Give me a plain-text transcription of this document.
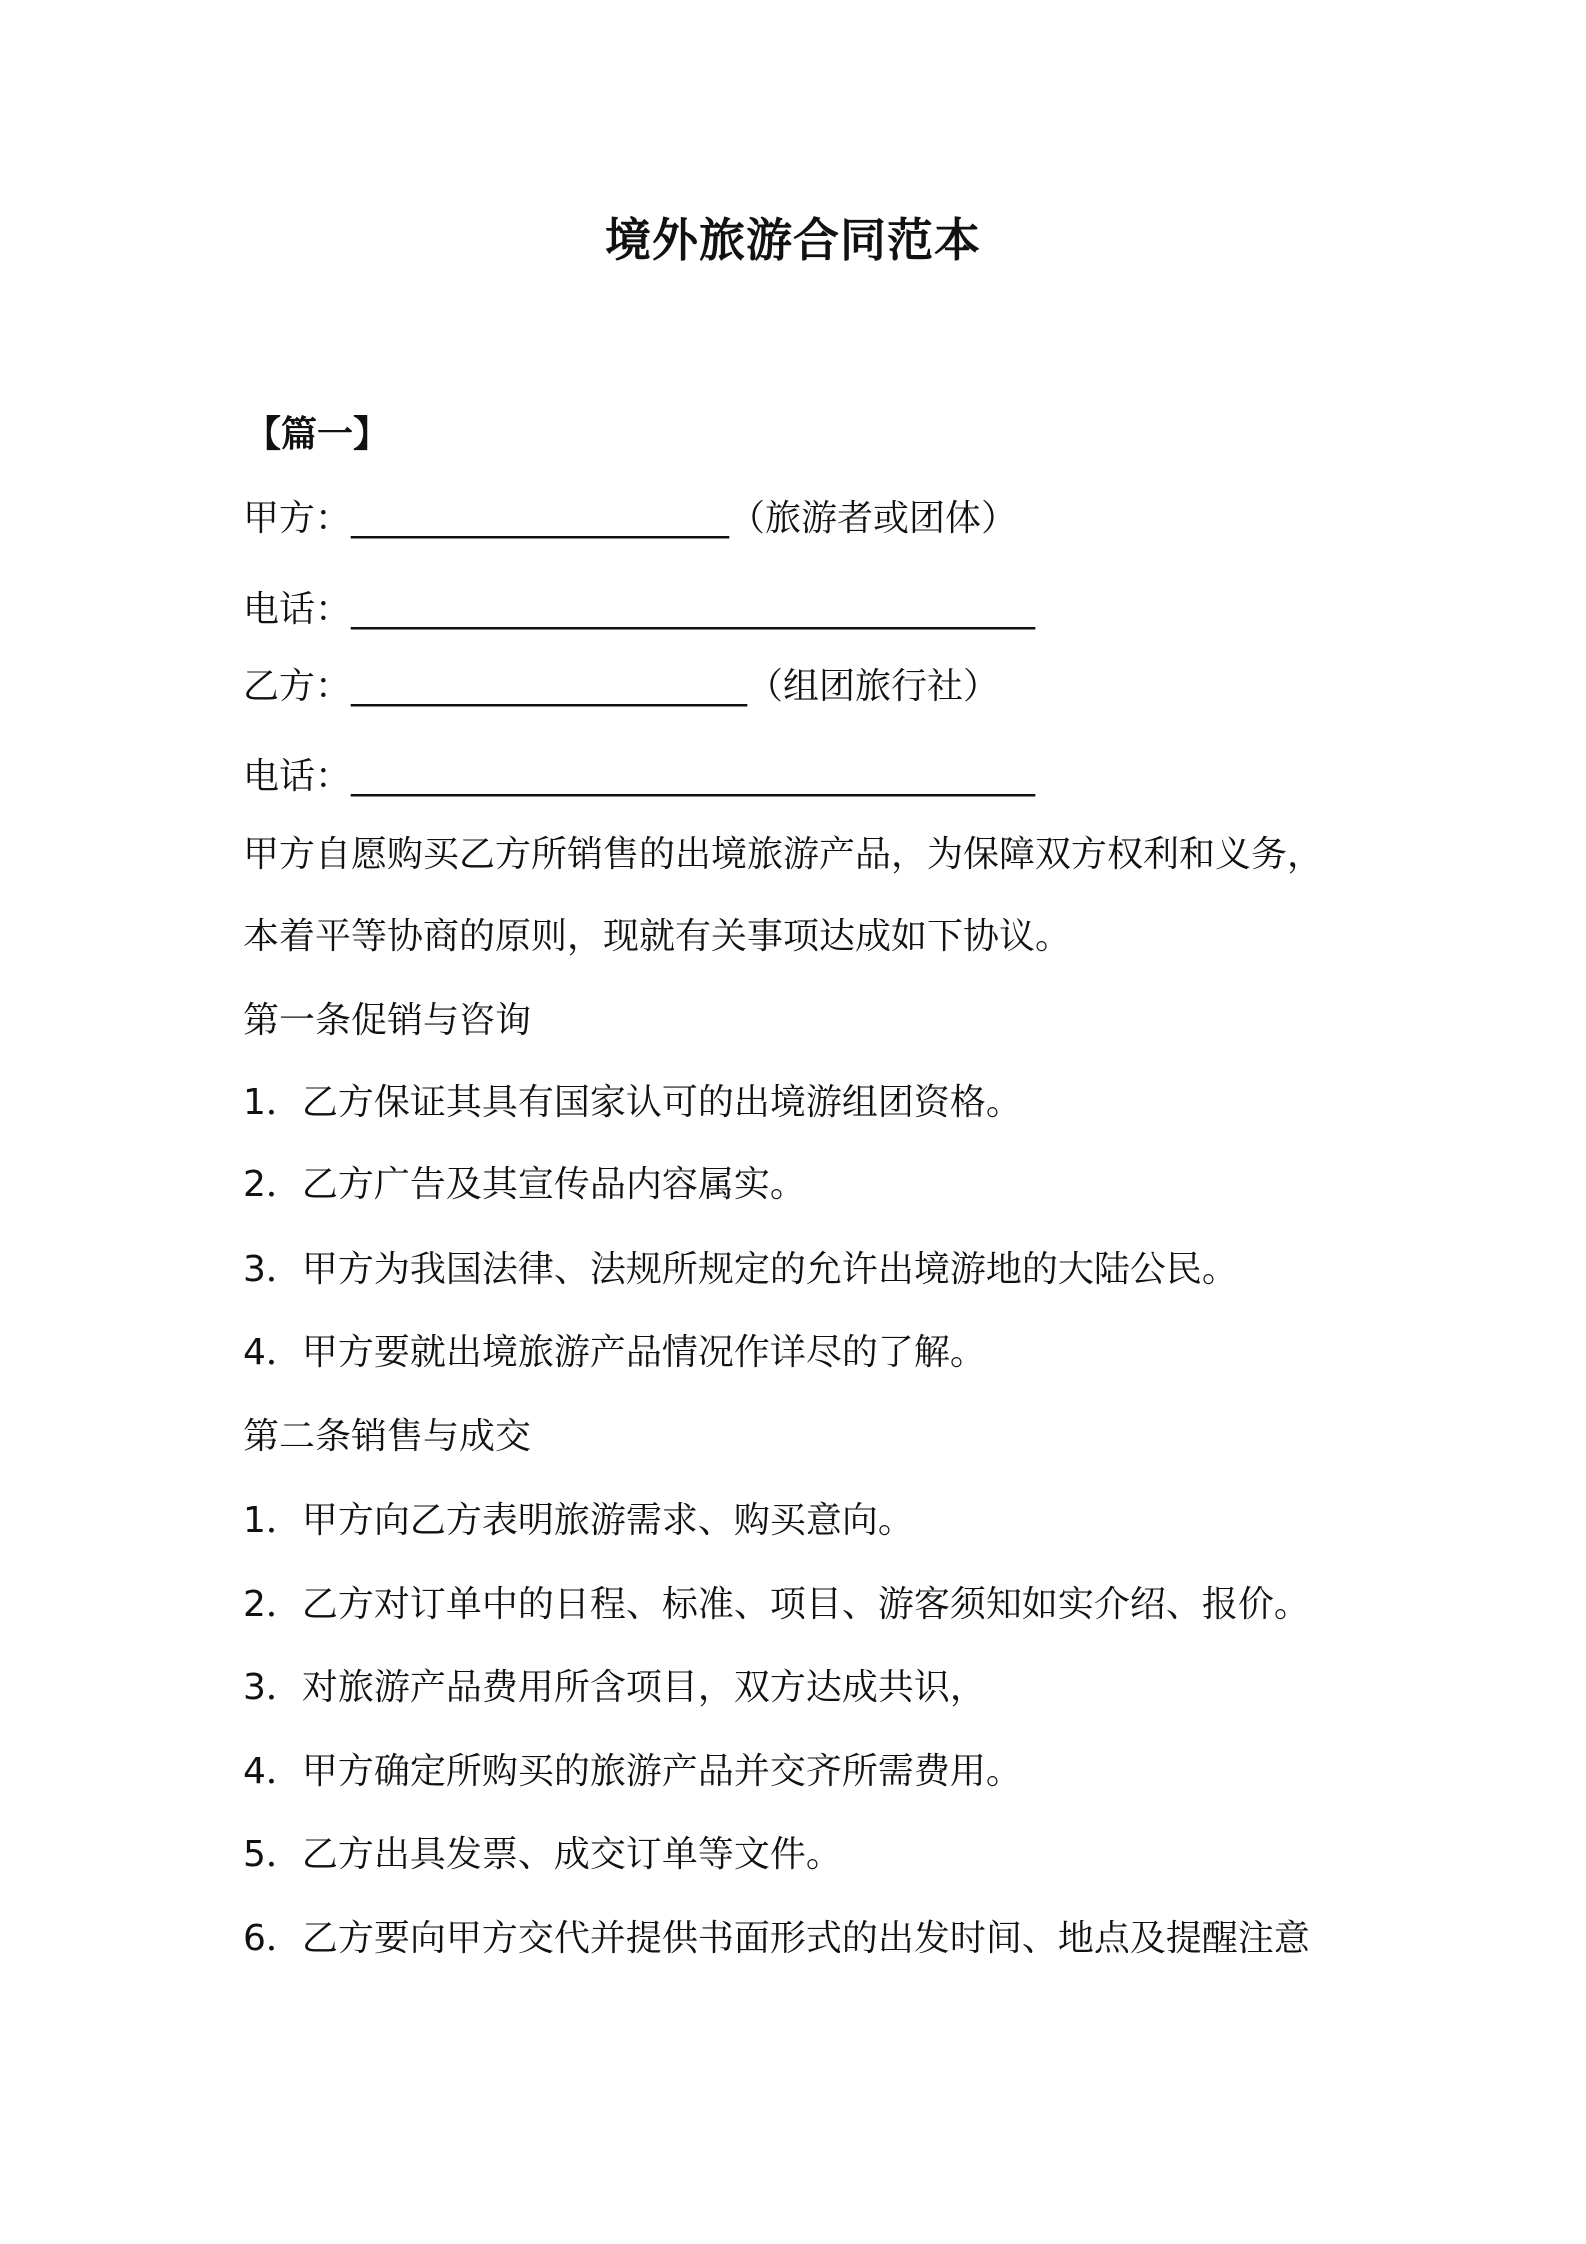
境外旅游合同范本
【篇一】
甲方：_____________________（旅游者或团体）
电话：______________________________________
乙方：______________________（组团旅行社）
电话：______________________________________
甲方自愿购买乙方所销售的出境旅游产品，为保障双方权利和义务，
本着平等协商的原则，现就有关事项达成如下协议。
第一条促销与咨询
1．乙方保证其具有国家认可的出境游组团资格。
2．乙方广告及其宣传品内容属实。
3．甲方为我国法律、法规所规定的允许出境游地的大陆公民。
4．甲方要就出境旅游产品情况作详尽的了解。
第二条销售与成交
1．甲方向乙方表明旅游需求、购买意向。
2．乙方对订单中的日程、标准、项目、游客须知如实介绍、报价。
3．对旅游产品费用所含项目，双方达成共识，
4．甲方确定所购买的旅游产品并交齐所需费用。
5．乙方出具发票、成交订单等文件。
6．乙方要向甲方交代并提供书面形式的出发时间、地点及提醒注意
